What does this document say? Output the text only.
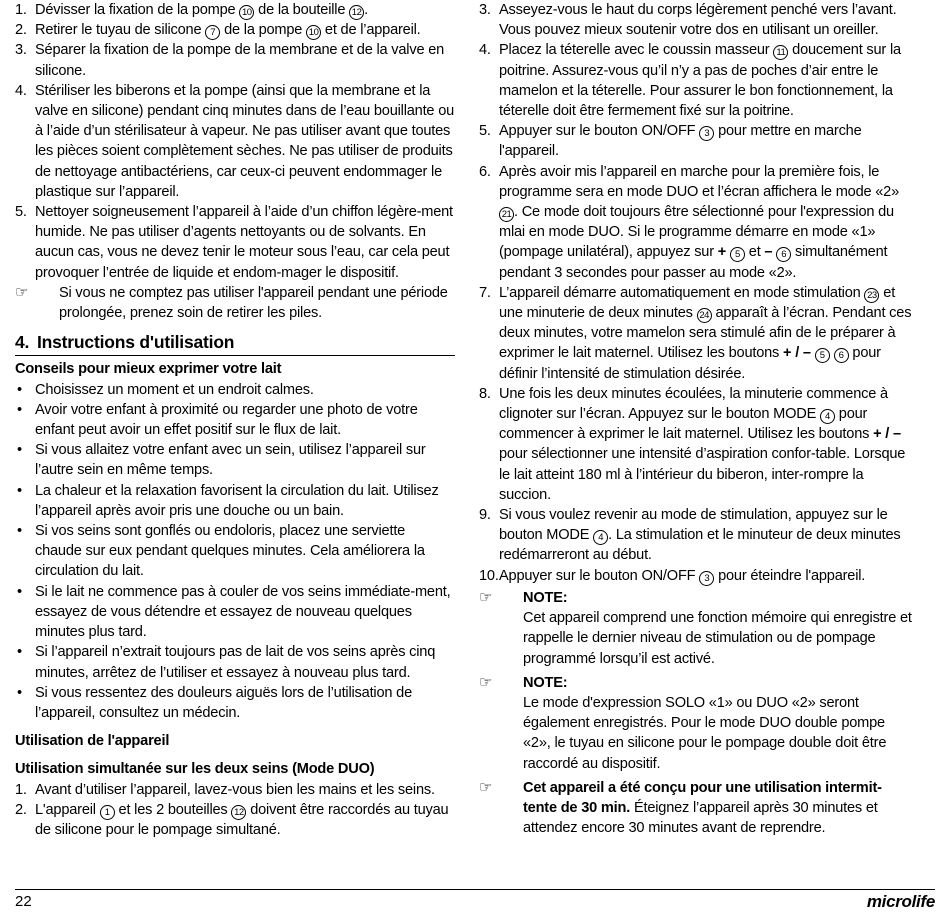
1. Dévisser la fixation de la pompe 10 de la bouteille 12 .
2. Retirer le tuyau de silicone 7 de la pompe 10 et de l’appareil.
3. Séparer la fixation de la pompe de la membrane et de la valve en silicone.
4. Stériliser les biberons et la pompe (ainsi que la membrane et la valve en silicone) pendant cinq minutes dans de l’eau bouillante ou à l’aide d’un stérilisateur à vapeur. Ne pas utiliser avant que toutes les pièces soient complètement sèches. Ne pas utiliser de produits de nettoyage antibactériens, car ceux-ci peuvent endommager le plastique sur l’appareil.
5. Nettoyer soigneusement l’appareil à l’aide d’un chiffon légère-ment humide. Ne pas utiliser d’agents nettoyants ou de solvants. En aucun cas, vous ne devez tenir le moteur sous l’eau, car cela peut provoquer l’entrée de liquide et endom-mager le dispositif.
☞	Si vous ne comptez pas utiliser l'appareil pendant une période prolongée, prenez soin de retirer les piles.
4. Instructions d'utilisation
Conseils pour mieux exprimer votre lait
• Choisissez un moment et un endroit calmes.
• Avoir votre enfant à proximité ou regarder une photo de votre enfant peut avoir un effet positif sur le flux de lait.
• Si vous allaitez votre enfant avec un sein, utilisez l’appareil sur l’autre sein en même temps.
• La chaleur et la relaxation favorisent la circulation du lait. Utilisez l’appareil après avoir pris une douche ou un bain.
• Si vos seins sont gonflés ou endoloris, placez une serviette chaude sur eux pendant quelques minutes. Cela améliorera la circulation du lait.
• Si le lait ne commence pas à couler de vos seins immédiate-ment, essayez de vous détendre et essayez de nouveau quelques minutes plus tard.
• Si l’appareil n’extrait toujours pas de lait de vos seins après cinq minutes, arrêtez de l’utiliser et essayez à nouveau plus tard.
• Si vous ressentez des douleurs aiguës lors de l’utilisation de l’appareil, consultez un médecin.
Utilisation de l'appareil
Utilisation simultanée sur les deux seins (Mode DUO)
1. Avant d’utiliser l’appareil, lavez-vous bien les mains et les seins.
2. L'appareil 1 et les 2 bouteilles 12 doivent être raccordés au tuyau de silicone pour le pompage simultané.
3. Asseyez-vous le haut du corps légèrement penché vers l’avant. Vous pouvez mieux soutenir votre dos en utilisant un oreiller.
4. Placez la téterelle avec le coussin masseur 11 doucement sur la poitrine. Assurez-vous qu’il n’y a pas de poches d’air entre le mamelon et la téterelle. Pour assurer le bon fonctionnement, la téterelle doit être fermement fixé sur la poitrine.
5. Appuyer sur le bouton ON/OFF 3 pour mettre en marche l'appareil.
6. Après avoir mis l’appareil en marche pour la première fois, le programme sera en mode DUO et l’écran affichera le mode «2» 21 . Ce mode doit toujours être sélectionné pour l'expression du mlai en mode DUO. Si le programme démarre en mode «1» (pompage unilatéral), appuyez sur + 5 et – 6 simultanément pendant 3 secondes pour passer au mode «2».
7. L’appareil démarre automatiquement en mode stimulation 23 et une minuterie de deux minutes 24 apparaît à l’écran. Pendant ces deux minutes, votre mamelon sera stimulé afin de le préparer à exprimer le lait maternel. Utilisez les boutons + / – 5 6 pour définir l’intensité de stimulation désirée.
8. Une fois les deux minutes écoulées, la minuterie commence à clignoter sur l’écran. Appuyez sur le bouton MODE 4 pour commencer à exprimer le lait maternel. Utilisez les boutons + / – pour sélectionner une intensité d’aspiration confor-table. Lorsque le lait atteint 180 ml à l’intérieur du biberon, inter-rompre la succion.
9. Si vous voulez revenir au mode de stimulation, appuyez sur le bouton MODE 4 . La stimulation et le minuteur de deux minutes redémarreront au début.
10. Appuyer sur le bouton ON/OFF 3 pour éteindre l'appareil.
☞	NOTE:
Cet appareil comprend une fonction mémoire qui enregistre et rappelle le dernier niveau de stimulation ou de pompage programmé lorsqu’il est activé.
☞	NOTE:
Le mode d'expression SOLO «1» ou DUO «2» seront également enregistrés. Pour le mode DUO double pompe «2», le tuyau en silicone pour le pompage double doit être raccordé au dispositif.
☞	Cet appareil a été conçu pour une utilisation intermit-tente de 30 min. Éteignez l’appareil après 30 minutes et attendez encore 30 minutes avant de reprendre.
22	microlife
